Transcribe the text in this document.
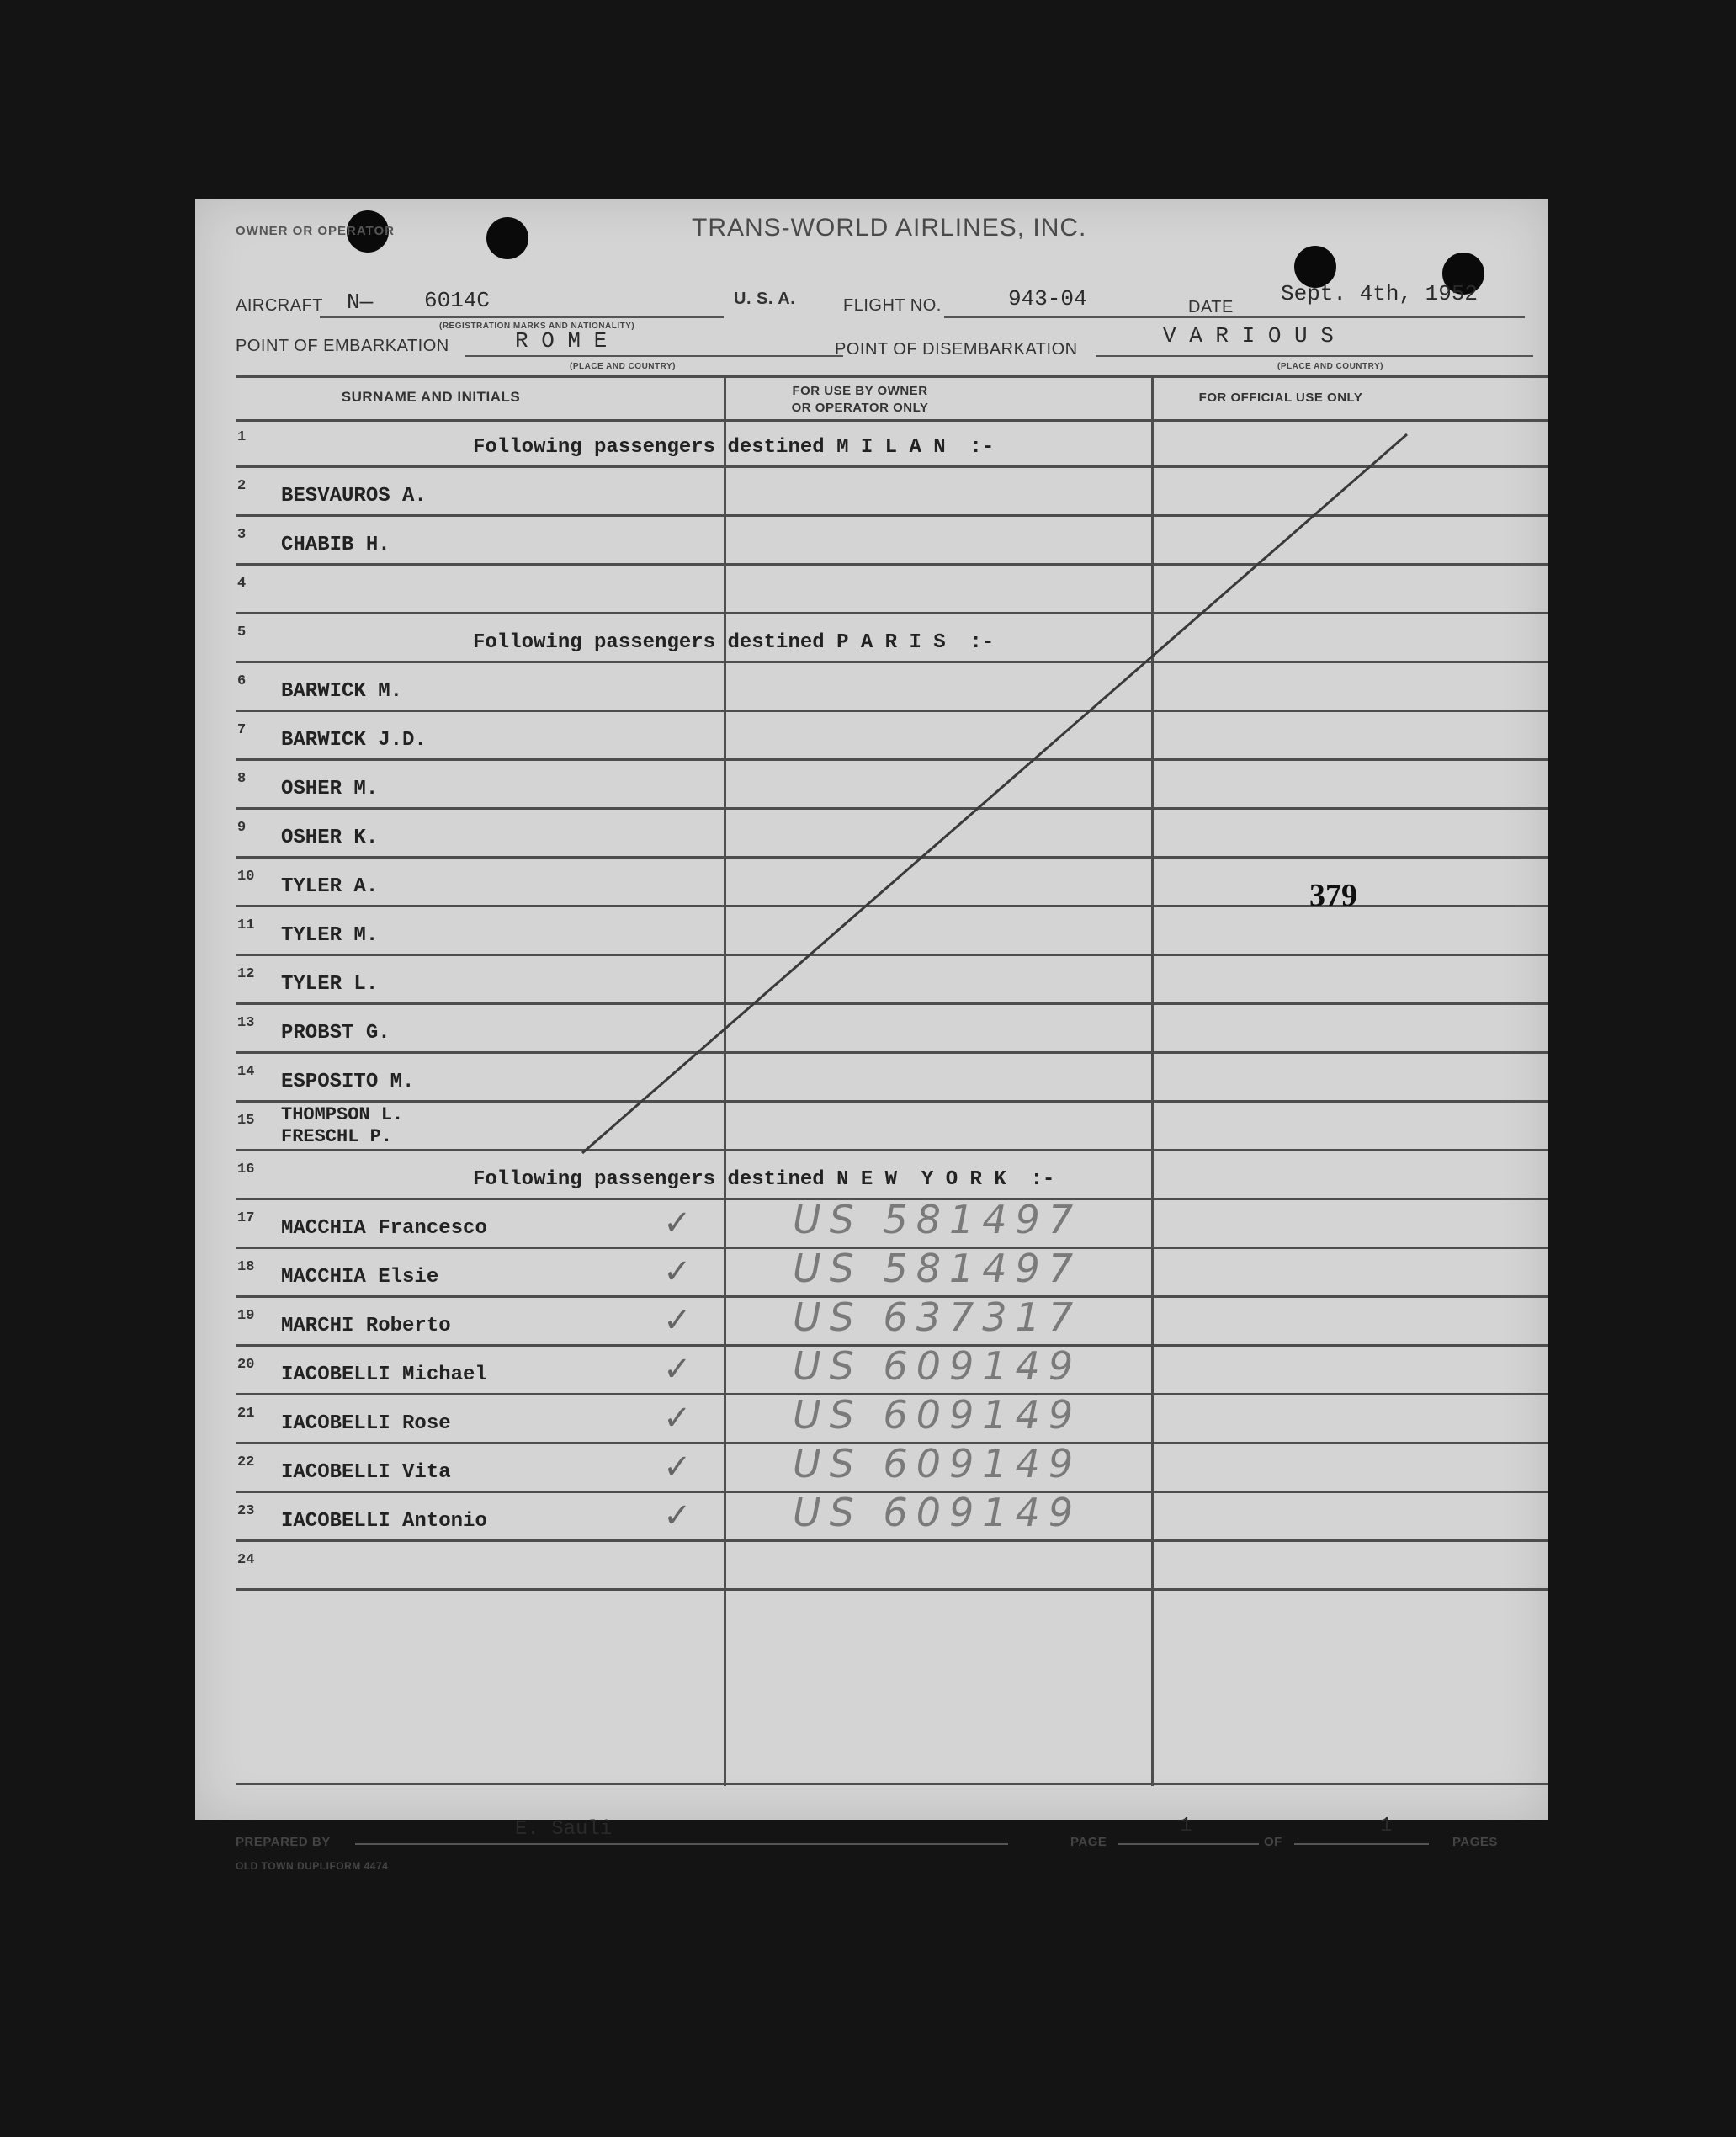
OWNER OR OPERATOR	TRANS-WORLD AIRLINES, INC.
AIRCRAFT N— 6014C	U. S. A.	FLIGHT NO.	943-04	DATE
Sept. 4th, 1952
(REGISTRATION MARKS AND NATIONALITY)
POINT OF EMBARKATION	R O M E	POINT OF DISEMBARKATION
V A R I O U S
(PLACE AND COUNTRY)	(PLACE AND COUNTRY)
SURNAME AND INITIALS	FOR USE BY OWNER
OR OPERATOR ONLY
FOR OFFICIAL USE ONLY
1	Following passengers destined M I L A N  :-
2 BESVAUROS A.
3 CHABIB H.
4
5	Following passengers destined P A R I S  :-
6 BARWICK M.
7 BARWICK J.D.
8 OSHER M.
9 OSHER K.
10 TYLER A.
11 TYLER M.
12 TYLER L.
13 PROBST G.
14 ESPOSITO M.
15 THOMPSON L.
FRESCHL P.
16	Following passengers destined N E W  Y O R K  :-
17 MACCHIA Francesco	✓	US 581497
18 MACCHIA Elsie	✓	US 581497
19 MARCHI Roberto	✓	US 637317
20 IACOBELLI Michael	✓	US 609149
21 IACOBELLI Rose	✓	US 609149
22 IACOBELLI Vita	✓	US 609149
23 IACOBELLI Antonio	✓	US 609149
24
379
PREPARED BY
E. Sauli
PAGE
1
OF
1
PAGES
OLD TOWN DUPLIFORM 4474
